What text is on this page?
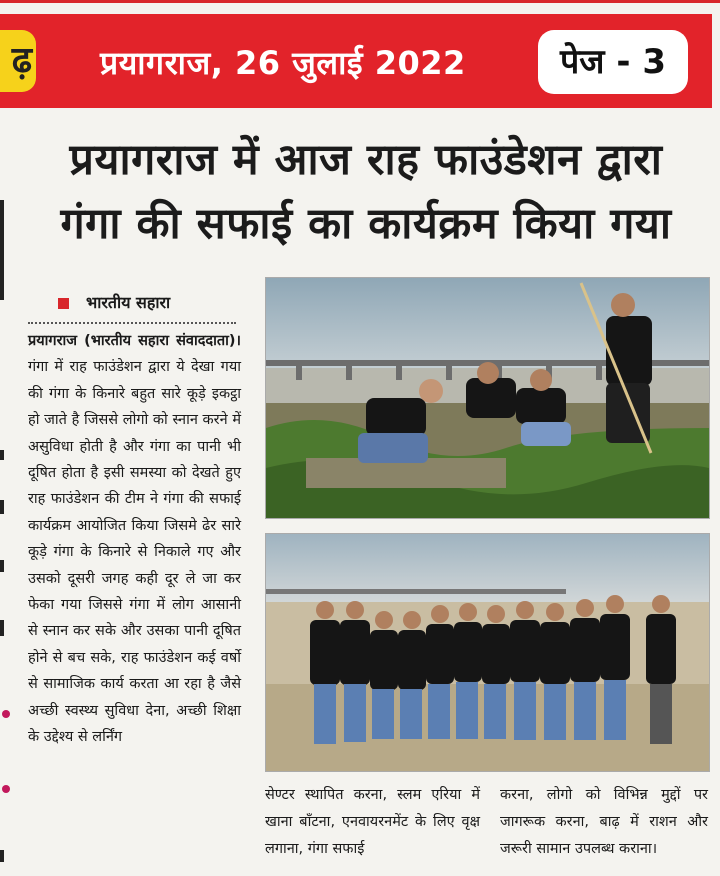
ढ़ प्रयागराज, 26 जुलाई 2022	पेज - 3
प्रयागराज में आज राह फाउंडेशन द्वारा
गंगा की सफाई का कार्यक्रम किया गया
भारतीय सहारा
प्रयागराज (भारतीय सहारा संवाददाता)। गंगा में राह फाउंडेशन द्वारा ये देखा गया की गंगा के किनारे बहुत सारे कूड़े इकट्ठा हो जाते है जिससे लोगो को स्नान करने में असुविधा होती है और गंगा का पानी भी दूषित होता है इसी समस्या को देखते हुए राह फाउंडेशन की टीम ने गंगा की सफाई कार्यक्रम आयोजित किया जिसमे ढेर सारे कूड़े गंगा के किनारे से निकाले गए और उसको दूसरी जगह कही दूर ले जा कर फेका गया जिससे गंगा में लोग आसानी से स्नान कर सके और उसका पानी दूषित होने से बच सके, राह फाउंडेशन कई वर्षो से सामाजिक कार्य करता आ रहा है जैसे अच्छी स्वस्थ्य सुविधा देना, अच्छी शिक्षा के उद्देश्य से लर्निंग
सेण्टर स्थापित करना, स्लम एरिया में खाना बाँटना, एनवायरनमेंट के लिए वृक्ष लगाना, गंगा सफाई
करना, लोगो को विभिन्न मुद्दों पर जागरूक करना, बाढ़ में राशन और जरूरी सामान उपलब्ध कराना।
